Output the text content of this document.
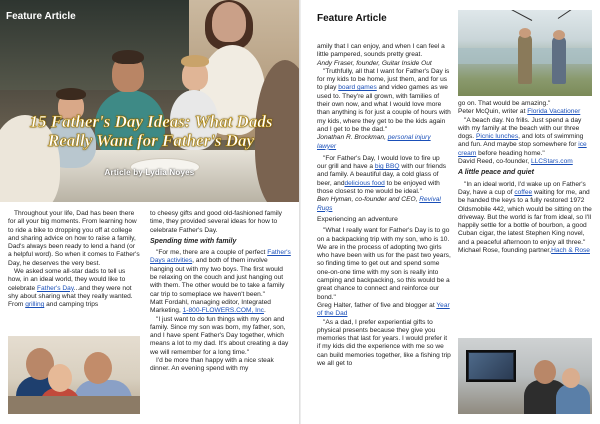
Feature Article
15 Father's Day Ideas: What Dads Really Want for Father's Day
Article by Lydia Noyes

Throughout your life, Dad has been there for all your big moments. From learning how to ride a bike to dropping you off at college and sharing advice on how to raise a family, Dad's always been ready to lend a hand (or a helpful word). So when it comes to Father's Day, he deserves the very best.

We asked some all-star dads to tell us how, in an ideal world, they would like to celebrate Father's Day...and they were not shy about sharing what they really wanted. From grilling and camping trips

to cheesy gifts and good old-fashioned family time, they provided several ideas for how to celebrate Father's Day.

Spending time with family

"For me, there are a couple of perfect Father's Days activities, and both of them involve hanging out with my two boys. The first would be relaxing on the couch and just hanging out with them. The other would be to take a family car trip to someplace we haven't been."

Matt Fordahl, managing editor, Integrated Marketing, 1-800-FLOWERS.COM, Inc.

"I just want to do fun things with my son and family. Since my son was born, my father, son, and I have spent Father's Day together, which means a lot to my dad. It's about creating a day we will remember for a long time."

I'd be more than happy with a nice steak dinner. An evening spend with my

Feature Article

amily that I can enjoy, and when I can feel a little pampered, sounds pretty great.

Andy Fraser, founder, Guitar Inside Out

"Truthfully, all that I want for Father's Day is for my kids to be home, just them, and for us to play board games and video games as we used to. They're all grown, with families of their own now, and what I would love more than anything is for just a couple of hours with my kids, where they get to be the kids again and I get to be the dad."

Jonathan R. Brockman, personal injury lawyer

"For Father's Day, I would love to fire up our grill and have a big BBQ with our friends and family. A beautiful day, a cold glass of beer, anddelicious food to be enjoyed with those closest to me would be ideal."

Ben Hyman, co-founder and CEO, Revival Rugs

Experiencing an adventure

"What I really want for Father's Day is to go on a backpacking trip with my son, who is 10. We are in the process of adopting two girls who have been with us for the past two years, so finding time to get out and spend some one-on-one time with my son is really into camping and backpacking, so this would be a great chance to connect and reinforce our bond."

Greg Halter, father of five and blogger at Year of the Dad

"As a dad, I prefer experiential gifts to physical presents because they give you memories that last for years. I would prefer it if my kids did the experience with me so we can build memories together, like a fishing trip we all get to

go on. That would be amazing."

Peter McQuin, writer at Florida Vacationer

"A beach day. No frills. Just spend a day with my family at the beach with our three dogs. Picnic lunches, and lots of swimming and fun. And maybe stop somewhere for ice cream before heading home."

David Reed, co-founder, LLCStars.com

A little peace and quiet

"In an ideal world, I'd wake up on Father's Day, have a cup of coffee waiting for me, and be handed the keys to a fully restored 1972 Oldsmobile 442, which would be sitting on the driveway. But the world is far from ideal, so I'll happily settle for a bottle of bourbon, a good Cuban cigar, the latest Stephen King novel, and a peaceful afternoon to enjoy all three."

Michael Rose, founding partner,Hach & Rose
